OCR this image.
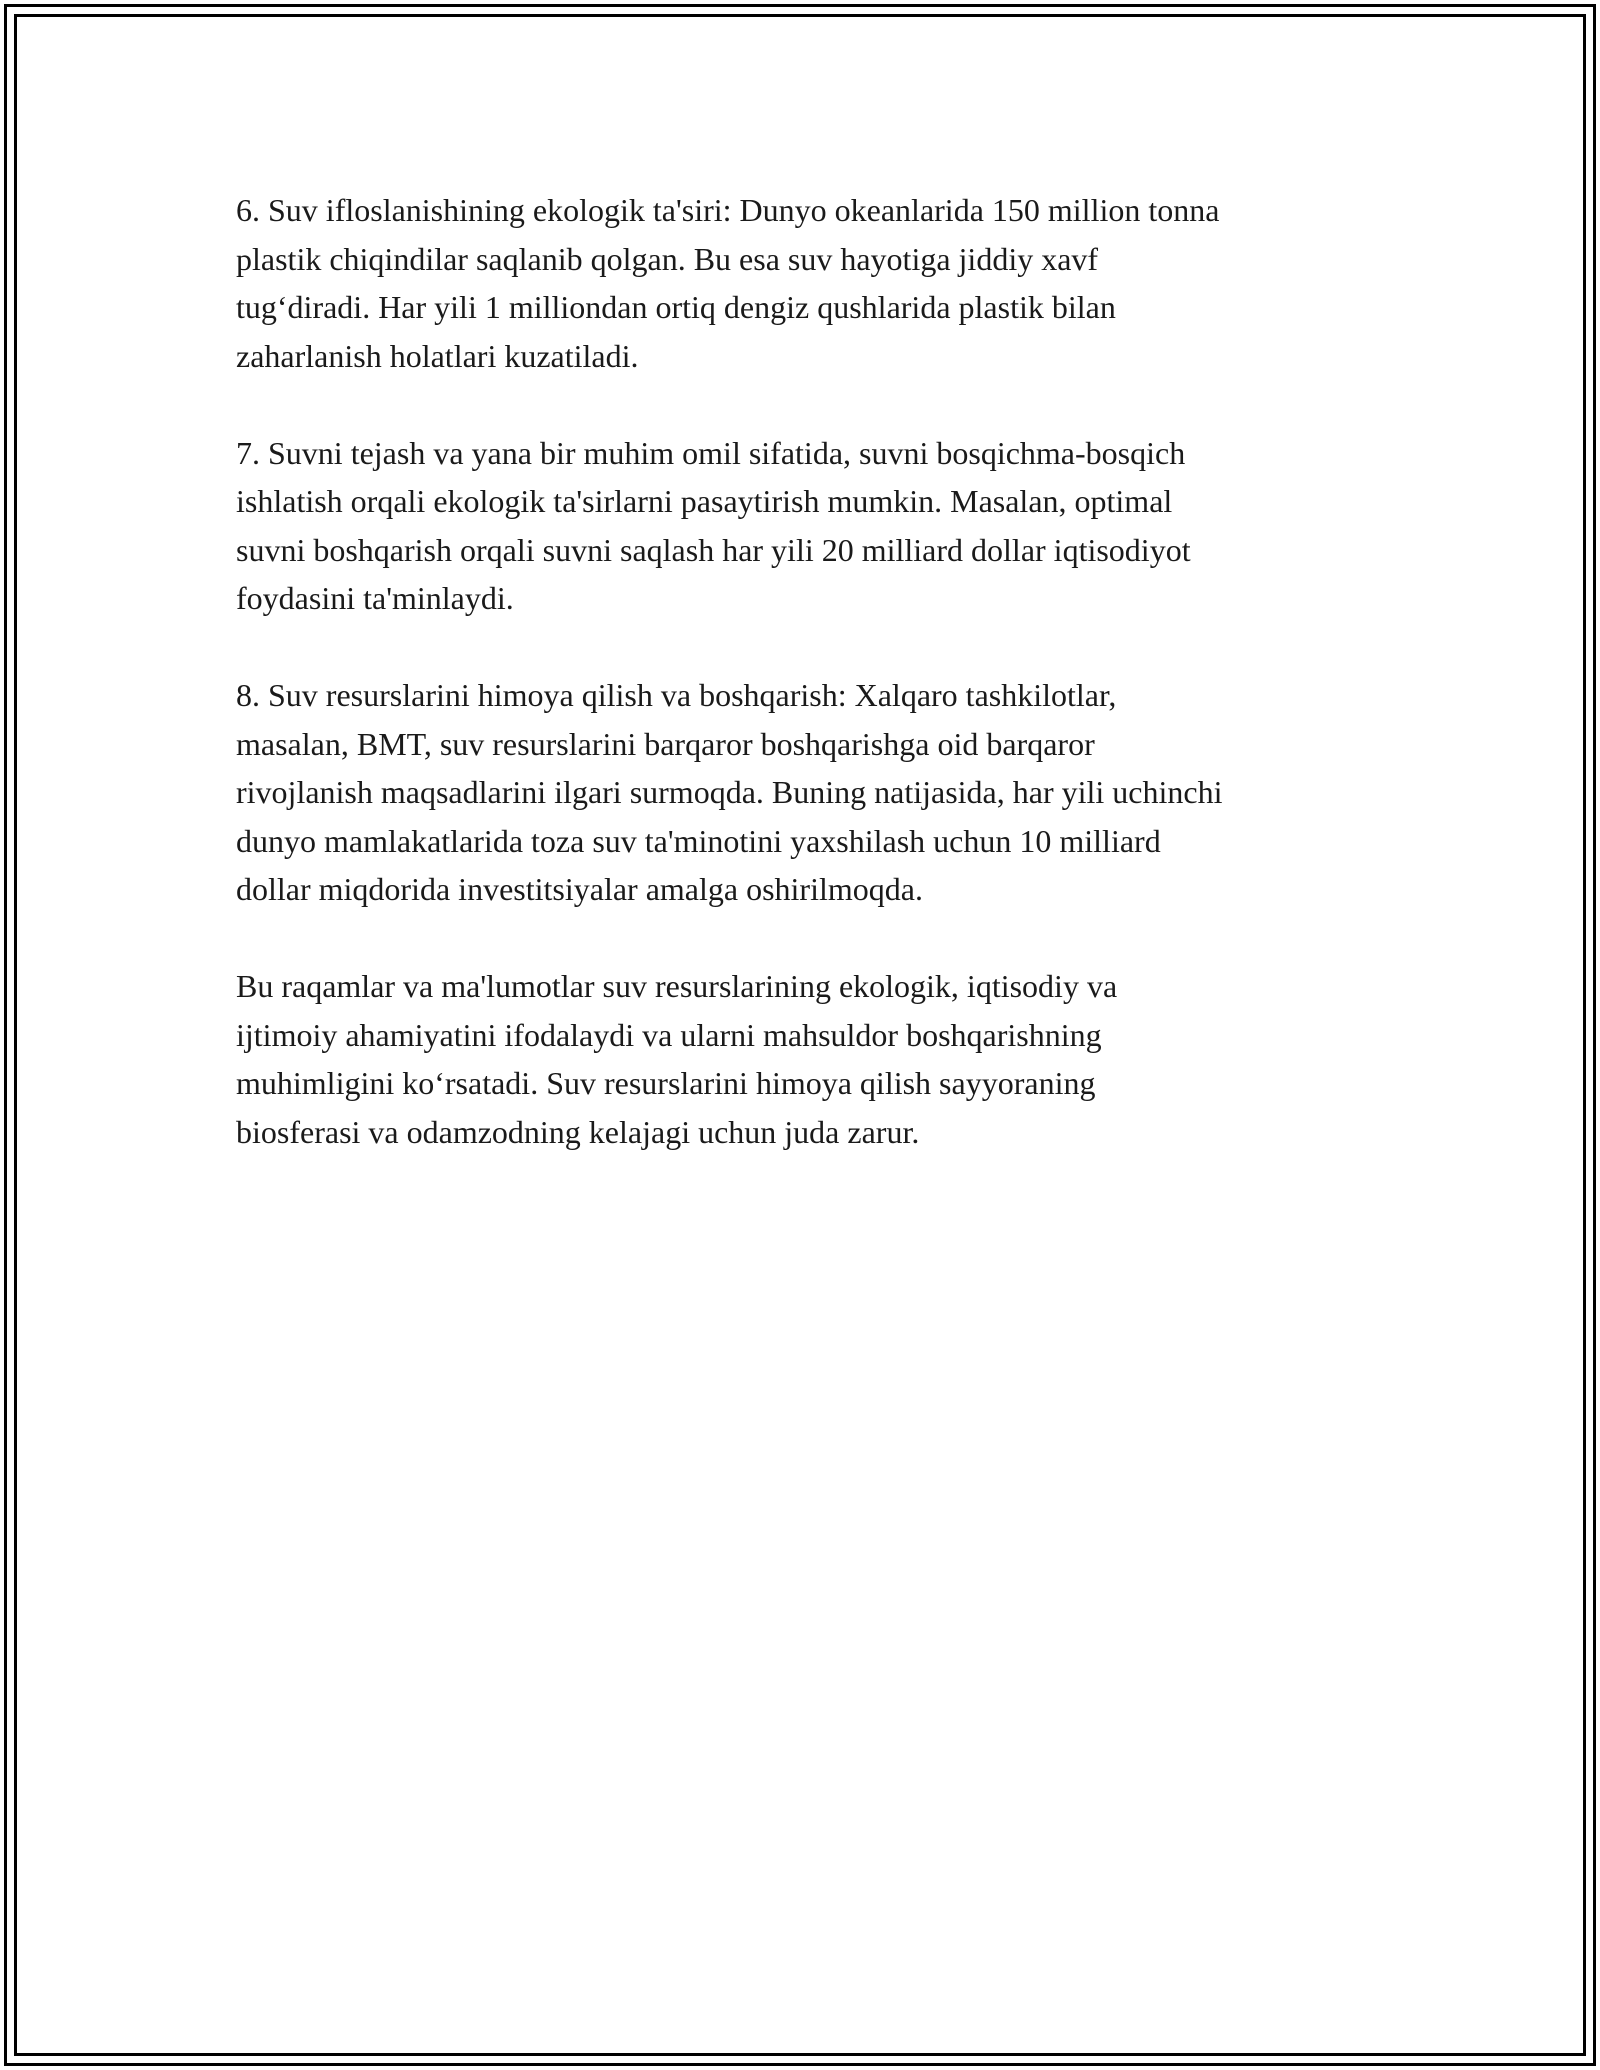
6. Suv ifloslanishining ekologik ta'siri: Dunyo okeanlarida 150 million tonna
plastik chiqindilar saqlanib qolgan. Bu esa suv hayotiga jiddiy xavf
tug‘diradi. Har yili 1 milliondan ortiq dengiz qushlarida plastik bilan
zaharlanish holatlari kuzatiladi.

7. Suvni tejash va yana bir muhim omil sifatida, suvni bosqichma-bosqich
ishlatish orqali ekologik ta'sirlarni pasaytirish mumkin. Masalan, optimal
suvni boshqarish orqali suvni saqlash har yili 20 milliard dollar iqtisodiyot
foydasini ta'minlaydi.

8. Suv resurslarini himoya qilish va boshqarish: Xalqaro tashkilotlar,
masalan, BMT, suv resurslarini barqaror boshqarishga oid barqaror
rivojlanish maqsadlarini ilgari surmoqda. Buning natijasida, har yili uchinchi
dunyo mamlakatlarida toza suv ta'minotini yaxshilash uchun 10 milliard
dollar miqdorida investitsiyalar amalga oshirilmoqda.

Bu raqamlar va ma'lumotlar suv resurslarining ekologik, iqtisodiy va
ijtimoiy ahamiyatini ifodalaydi va ularni mahsuldor boshqarishning
muhimligini ko‘rsatadi. Suv resurslarini himoya qilish sayyoraning
biosferasi va odamzodning kelajagi uchun juda zarur.
